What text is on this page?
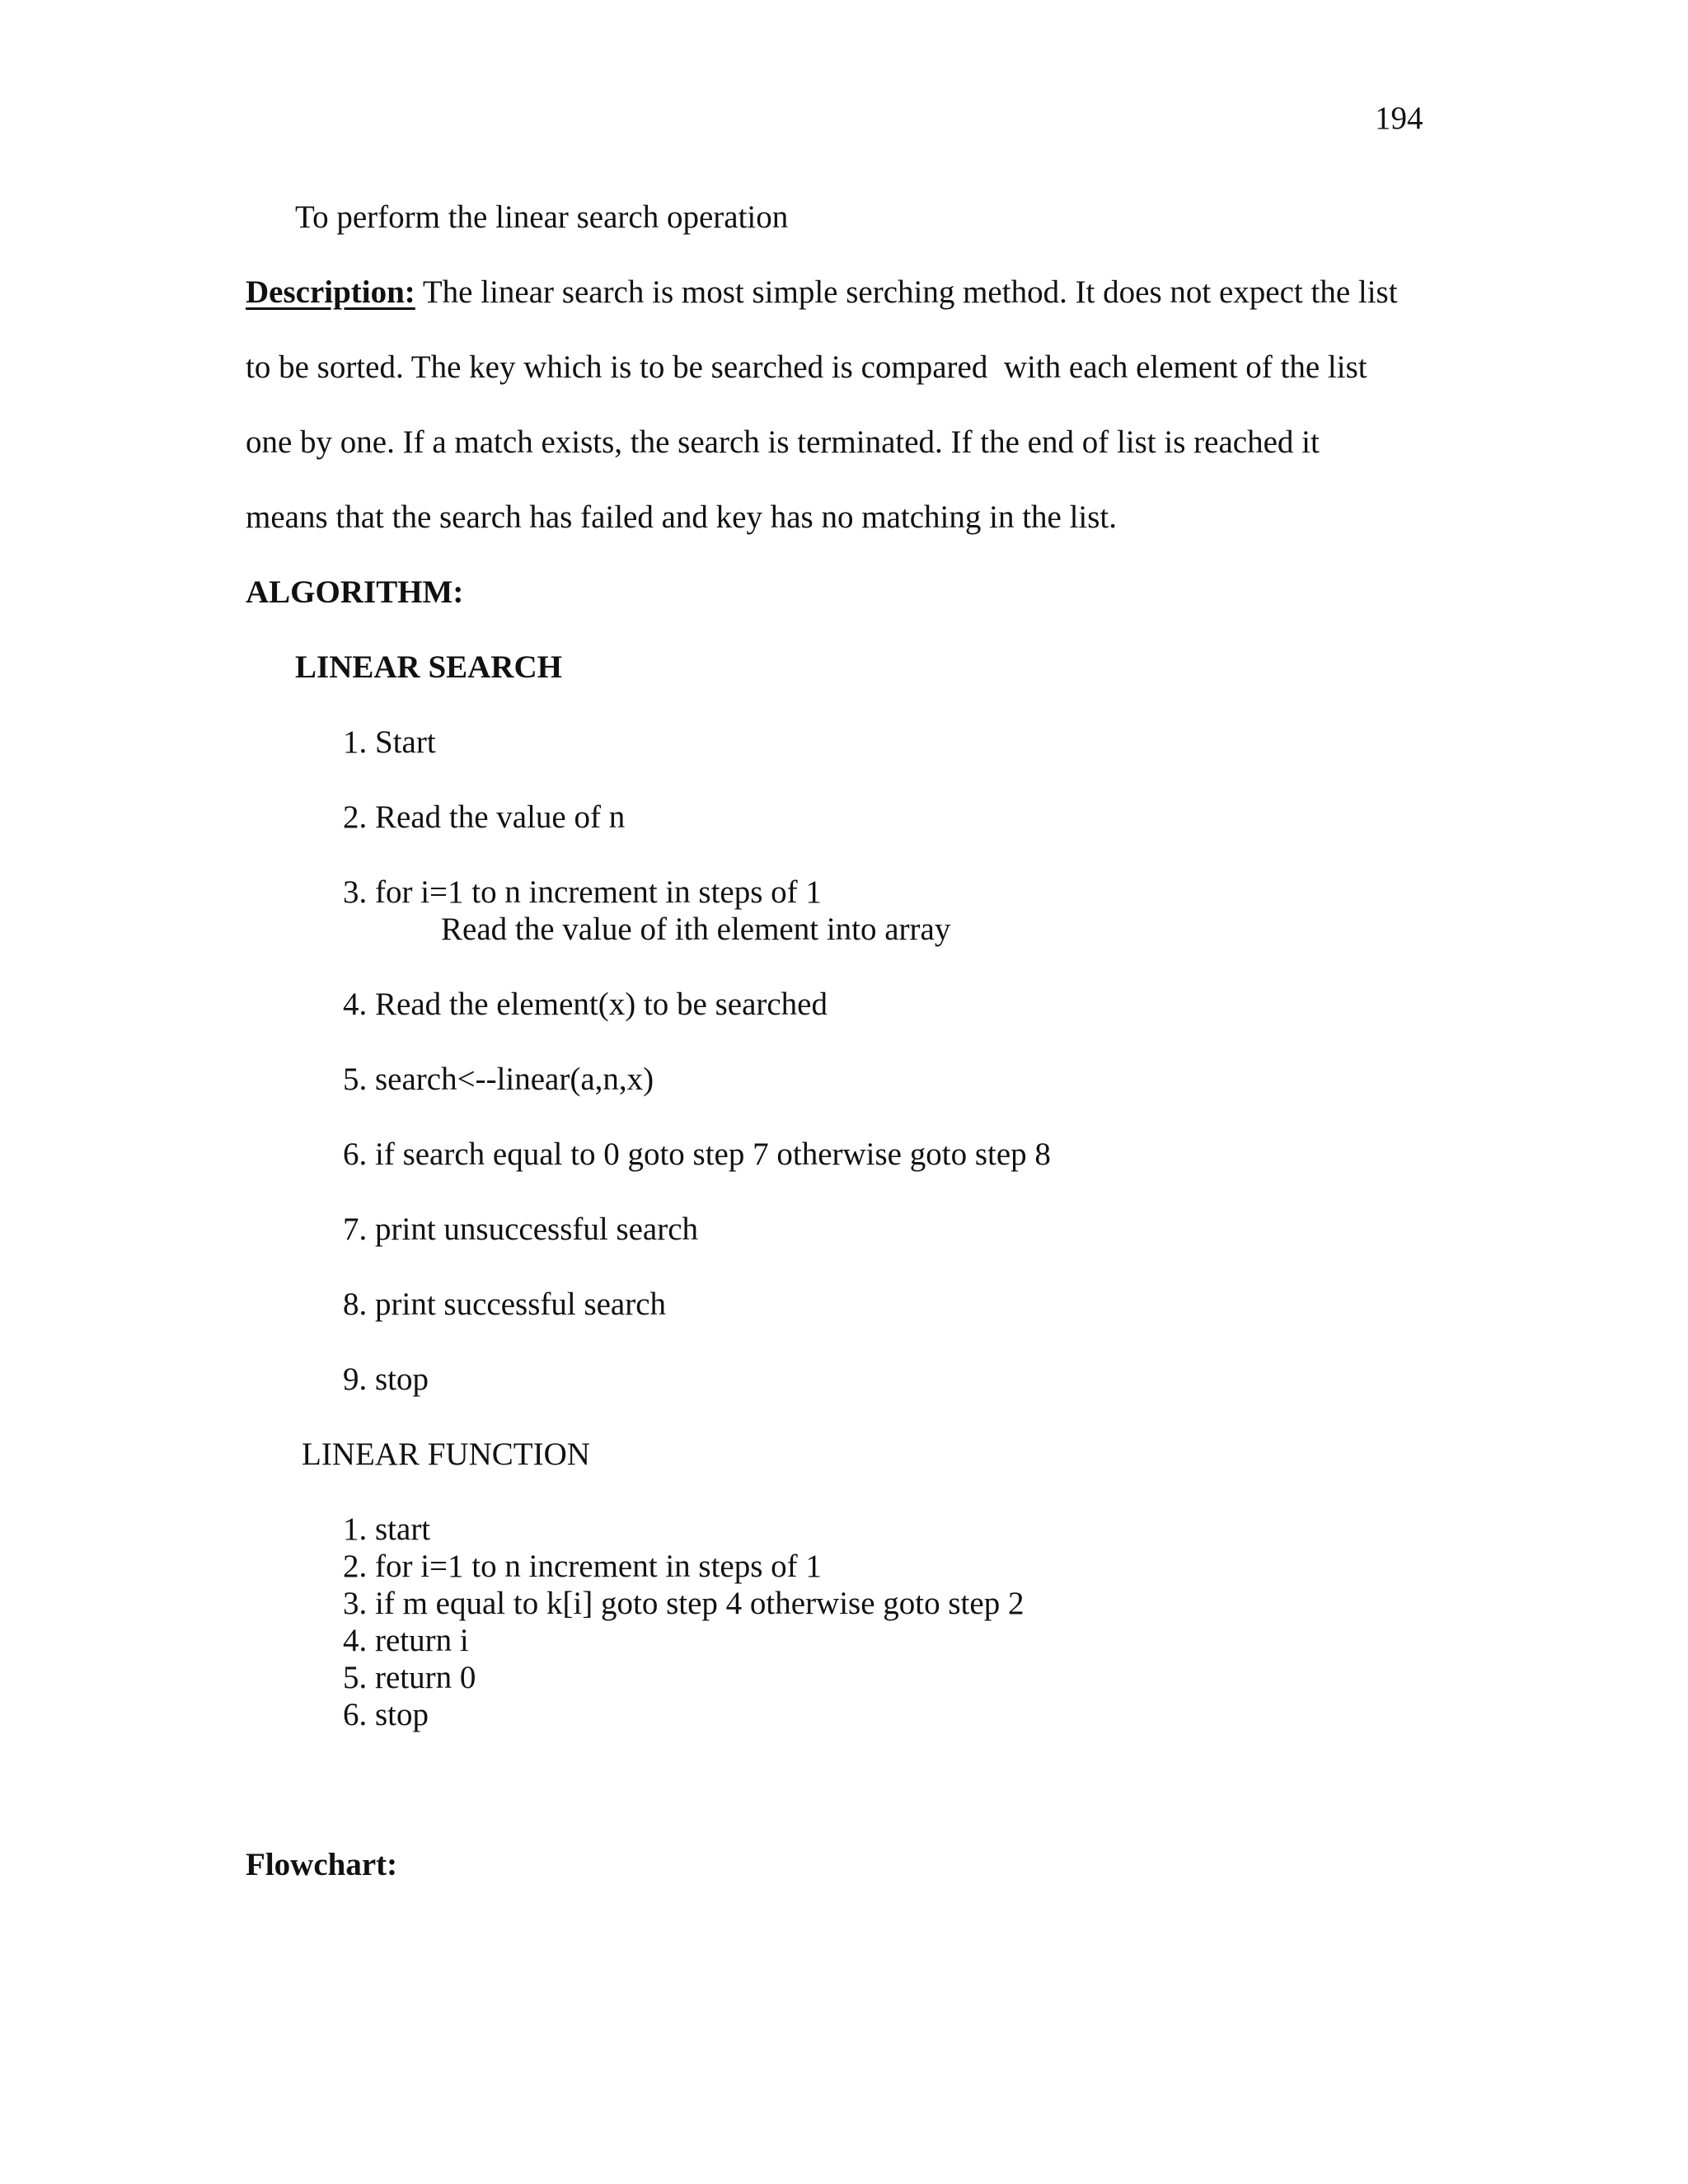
194
To perform the linear search operation
Description: The linear search is most simple serching method. It does not expect the list
to be sorted. The key which is to be searched is compared  with each element of the list
one by one. If a match exists, the search is terminated. If the end of list is reached it
means that the search has failed and key has no matching in the list.
ALGORITHM:
LINEAR SEARCH
1. Start
2. Read the value of n
3. for i=1 to n increment in steps of 1
Read the value of ith element into array
4. Read the element(x) to be searched
5. search<--linear(a,n,x)
6. if search equal to 0 goto step 7 otherwise goto step 8
7. print unsuccessful search
8. print successful search
9. stop
LINEAR FUNCTION
1. start
2. for i=1 to n increment in steps of 1
3. if m equal to k[i] goto step 4 otherwise goto step 2
4. return i
5. return 0
6. stop
Flowchart:
